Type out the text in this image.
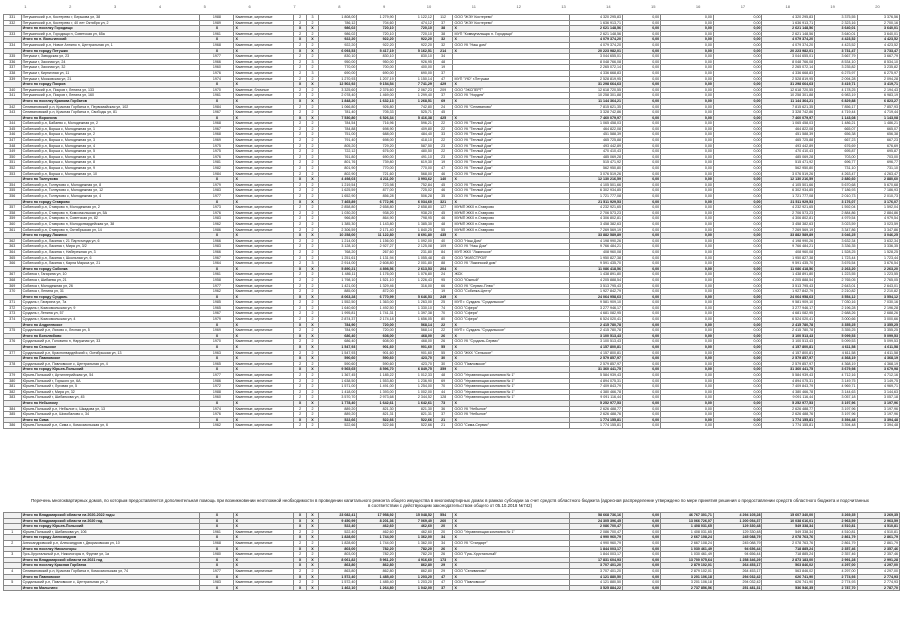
1	2	3	4	5	6	7	8	9	10	11	12	13	14	15	16	17	18	19	20
331	Петушинский р-н, Костерево г, Бершова ул, 38	1988	Каменные, кирпичные	2	3	1 808,00	1 279,90	1 122,12	112	ООО "ЖЭУ Костерево"	4 320 295,83	0,00	0,00	0,00	4 320 295,83	3 375,55	3 376,56
332	Петушинский р-н, Костерево г, 40 лет Октября ул, 2	1989	Каменные, кирпичные	2	2	786,12	704,60	474,12	37	ООО "ЖЭУ Костерево"	1 636 913,71	0,00	0,00	0,00	1 636 913,71	2 323,16	2 700,16
	Итого по поселку Городищи	Х	Х	Х	Х	986,02	720,10	720,10	38	Х	2 621 148,56	0,00	0,00	0,00	2 621 148,56	3 640,01	3 640,01
333	Петушинский р-н, Городищи п, Советская ул, 65а	1961	Каменные, кирпичные	2	2	986,02	720,10	720,10	38	МУП "Коммунальщик п. Городищи"	2 621 148,56	0,00	0,00	0,00	2 621 148,56	3 640,01	3 640,01
	Итого по п. Вольгинский	Х	Х	Х	Х	922,20	922,20	922,20	32	Х	4 079 374,20	0,00	0,00	0,00	4 079 374,20	4 423,52	4 423,52
334	Петушинский р-н, Новое Аннино п, Центральная ул, 1	1968	Каменные, кирпичные	2	2	922,20	922,20	922,20	32	ООО УК "Наш дом"	4 079 374,20	0,00	0,00	0,00	4 079 374,20	4 423,52	4 423,52
	Итого по городу Петушки	Х	Х	Х	Х	6 093,53	5 417,19	5 162,51	214	Х	20 223 982,01	0,00	0,00	0,00	20 223 982,01	3 731,47	3 733,47
335	Петушки г, Заводская ул, 23	1977	Каменные, кирпичные	2	2	830,10	830,10	830,10	34		3 044 655,01	0,00	0,00	0,00	3 044 655,01	3 667,79	3 667,79
336	Петушки г, Заозная ул, 24	1966	Каменные, кирпичные	2	3	950,00	950,00	926,95	48		8 048 766,08	0,00	0,00	0,00	8 048 766,08	8 534,10	8 534,10
337	Петушки г, Заозная ул, 32	1960	Каменные, кирпичные	2	2	770,00	700,00	400,00	19		2 265 072,14	0,00	0,00	0,00	2 265 072,14	3 235,82	3 235,82
338	Петушки г, Кирпичная ул, 11	1976	Каменные, кирпичные	2	3	690,00	690,00	690,00	37		4 336 668,83	0,00	0,00	0,00	4 336 668,83	6 275,97	6 275,97
339	Петушки г, Московская ул, 21	1974	Каменные, кирпичные	2	2	1 270,93	1 207,19	1 150,14	47	МУП "УЮ" г.Петушки	2 528 819,95	0,00	0,00	0,00	2 528 819,95	2 094,28	2 094,28
	Итого по городу Покров	Х	Х	Х	Х	12 502,92	9 154,54	7 741,29	429	Х	31 298 664,63	0,00	0,00	0,00	31 298 664,63	3 419,71	3 419,71
340	Петушинский р-н, Покров г, Ленина ул, 133	1970	Каменные, блочные	2	2	3 325,60	2 376,60	2 067,23	209	ООО "ЭКСПЕРТ"	12 618 720,55	0,00	0,00	0,00	12 618 720,55	4 178,25	2 194,43
341	Петушинский р-н, Покров г, Ленина ул, 160	1961	Каменные, кирпичные	2	2	2 078,40	1 469,00	1 299,40	37	ООО УК "Нордев"	10 258 301,88	0,00	0,00	0,00	10 258 301,88	6 983,19	6 983,19
	Итого по поселку Кранова Горбатов	Х	Х	Х	Х	1 848,20	1 632,13	1 268,51	69	Х	11 144 364,21	0,00	0,00	0,00	11 144 364,21	6 829,88	6 823,27
342	Селивановский р-н, Красная Горбатка п, Первомайская ул, 102	1984	Каменные, кирпичные	2	2	1 066,80	926,80	742,80	24	ООО УК "Селиваново"	7 815 621,35	0,00	0,00	0,00	7 815 621,35	7 856,17	7 857,93
343	Селивановский р-н, Красная Горбатка п, Свободы ул, 81	1967	Каменные, кирпичные	2	2	781,40	705,33	525,71	45		3 328 742,86	0,00	0,00	0,00	3 328 742,86	4 719,44	4 719,44
	Итого по Воронина	Х	Х	Х	Х	7 530,80	6 526,34	5 416,38	425	Х	7 460 079,97	0,00	0,00	0,00	7 460 079,97	1 143,08	1 143,08
344	Собинский р-н, Бабаево с, Молодежная ул, 2	1968	Каменные, кирпичные	2	2	784,54	716,96	596,21	22	ООО УК "Теплый Дом"	1 065 458,03	0,00	0,00	0,00	1 065 458,03	1 486,21	1 486,21
345	Собинский р-н, Ворша с, Молодежная ул, 1	1967	Каменные, кирпичные	2	2	784,88	698,90	409,80	22	ООО УК "Теплый Дом"	464 822,08	0,00	0,00	0,00	464 822,08	665,07	665,07
346	Собинский р-н, Ворша с, Молодежная ул, 2	1968	Каменные, кирпичные	2	2	751,00	688,00	484,40	33	ООО УК "Теплый Дом"	451 588,39	0,00	0,00	0,00	451 588,39	656,38	656,38
347	Собинский р-н, Ворша с, Молодежная ул, 3	1969	Каменные, кирпичные	2	2	791,40	698,00	418,10	22	ООО УК "Теплый Дом"	465 725,88	0,00	0,00	0,00	465 725,88	667,23	667,23
348	Собинский р-н, Ворша с, Молодежная ул, 4	1975	Каменные, кирпичные	2	2	805,20	729,20	587,50	23	ООО УК "Теплый Дом"	493 442,89	0,00	0,00	0,00	493 442,89	676,69	676,69
349	Собинский р-н, Ворша с, Молодежная ул, 5	1975	Каменные, кирпичные	2	2	722,12	676,00	480,50	22	ООО УК "Теплый Дом"	470 410,43	0,00	0,00	0,00	470 410,43	695,87	695,87
350	Собинский р-н, Ворша с, Молодежная ул, 6	1976	Каменные, кирпичные	2	2	761,80	690,00	491,10	23	ООО УК "Теплый Дом"	485 069,28	0,00	0,00	0,00	485 069,28	703,00	703,00
351	Собинский р-н, Ворша с, Молодежная ул, 8	1981	Каменные, кирпичные	2	2	801,76	739,80	619,30	19	ООО УК "Теплый Дом"	515 471,92	0,00	0,00	0,00	515 471,92	696,77	696,77
352	Собинский р-н, Ворша с, Молодежная ул, 9	1982	Каменные, кирпичные	2	2	801,90	770,00	770,00	47	ООО УК "Теплый Дом"	562 950,80	0,00	0,00	0,00	562 950,80	731,10	731,10
353	Собинский р-н, Ворша с, Молодежная ул, 10	1984	Каменные, кирпичные	2	2	802,90	721,60	568,00	46	ООО УК "Теплый Дом"	3 076 519,26	0,00	0,00	0,00	3 076 519,26	4 263,47	4 263,47
	Итого по Толпухово	Х	Х	Х	Х	4 498,03	4 211,00	3 993,62	140	Х	12 130 216,59	0,00	0,00	0,00	12 130 216,59	2 880,60	2 880,60
354	Собинский р-н, Толпухово с, Молодежная ул, 8	1979	Каменные, кирпичные	2	2	1 219,54	723,98	752,84	45	ООО УК "Теплый Дом"	4 105 501,66	0,00	0,00	0,00	4 105 501,66	5 670,68	5 670,68
355	Собинский р-н, Толпухово с, Молодежная ул, 12	1983	Каменные, кирпичные	2	2	1 625,59	877,00	725,02	46	ООО УК "Теплый Дом"	6 302 934,85	0,00	0,00	0,00	6 302 934,85	7 186,93	7 186,93
356	Собинский р-н, Толпухово с, Молодежная ул, 4	1977	Каменные, кирпичные	2	2	1 652,90	856,28	506,28	35	ООО УК "Теплый Дом"	1 721 777,08	0,00	0,00	0,00	1 721 777,08	2 010,73	2 010,73
	Итого по городу Ставрово	Х	Х	Х	Х	7 465,89	6 772,96	6 034,60	321	Х	21 511 929,53	0,00	0,00	0,00	21 511 929,53	3 176,07	3 176,07
357	Собинский р-н, Ставрово п, Молодежная ул, 2	1973	Каменные, кирпичные	2	2	2 858,80	2 658,80	2 658,80	127	МУМП ЖКХ п.Ставрово	4 232 921,65	0,00	0,00	0,00	4 232 921,65	1 592,04	1 592,04
358	Собинский р-н, Ставрово п, Комсомольская ул, 5А	1976	Каменные, кирпичные	2	2	1 030,20	938,20	938,20	45	МУМП ЖКХ п.Ставрово	2 706 573,23	0,00	0,00	0,00	2 706 573,23	2 884,86	2 884,86
359	Собинский р-н, Ставрово п, Советская ул, 82	1983	Каменные, кирпичные	2	2	966,80	864,90	798,95	46	МУМП ЖКХ п.Ставрово	4 306 802,81	0,00	0,00	0,00	4 306 802,81	4 979,54	4 979,54
360	Собинский р-н, Ставрово п, Молодогвардейская ул, 38	1962	Каменные, кирпичные	2	2	1 385,30	1 143,80	1 385,30	48	МУМП ЖКХ п.Ставрово	3 458 382,63	0,00	0,00	0,00	3 458 382,63	3 023,59	3 023,59
361	Собинский р-н, Ставрово п, Октябрьская ул, 14	1986	Каменные, кирпичные	2	2	2 306,59	2 171,40	1 840,25	55	МУМП ЖКХ п.Ставрово	7 269 569,19	0,00	0,00	0,00	7 269 569,19	3 347,86	3 347,86
	Итого по городу Лакинск	Х	Х	Х	Х	10 258,00	11 122,80	8 691,80	435	Х	33 882 589,89	0,00	0,00	0,00	33 882 589,89	3 046,25	3 046,25
362	Собинский р-н, Лакинск г, 21 Партсъезда ул, 6	1966	Каменные, кирпичные	2	2	1 214,00	1 156,00	1 092,00	40	ООО "Наш Дом"	4 198 990,26	0,00	0,00	0,00	4 198 990,26	3 632,34	3 632,34
363	Собинский р-н, Лакинск г, Мира ул, 3/2	1983	Каменные, кирпичные	2	2	3 128,10	2 927,27	2 125,08	109	ООО УК "Наш Дом"	9 766 484,21	0,00	0,00	0,00	9 766 484,21	3 336,35	3 336,35
364	Собинский р-н, Лакинск г, Набережная ул, 3	1966	Каменные, кирпичные	2	2	768,20	267,60	231,80	84	МУП ЖКХ "Лакинское"	408 960,08	0,00	0,00	0,00	408 960,08	1 528,25	1 528,25
365	Собинский р-н, Лакинск г, Школьная ул, 6	1967	Каменные, кирпичные	2	2	1 251,61	1 131,94	1 055,48	45	ООО "ЖИЛСТРОЙ"	1 950 827,38	0,00	0,00	0,00	1 950 827,38	1 723,44	1 723,44
366	Собинский р-н, Лакинск г, Карла Маркса ул, 21	1964	Каменные, кирпичные	2	3	2 914,00	2 608,80	2 001,80	88	ООО УК "Лакинский дом"	9 591 435,70	0,00	0,00	0,00	9 591 435,70	3 676,54	3 676,54
	Итого по городу Собинка	Х	Х	Х	Х	5 890,21	4 898,56	2 613,53	204	Х	11 086 418,56	0,00	0,00	0,00	11 086 418,56	2 263,20	2 263,20
367	Собинка г, Гагарина ул, 10	1961	Каменные, кирпичные	2	2	1 486,11	1 176,00	1 076,80	24	ЖСК	1 438 891,80	0,00	0,00	0,00	1 438 891,80	1 223,55	1 223,55
368	Собинка г, Шибаева ул, 21	1958	Каменные, кирпичные	2	2	1 798,10	1 521,10	1 226,43	95	ООО "Южный"	4 205 888,54	0,00	0,00	0,00	4 205 888,54	2 765,05	2 765,05
369	Собинка г, Молодежная ул, 26	1977	Каменные, кирпичные	2	2	1 421,00	1 329,46	316,00	66	ООО УК "Сервис-Плюс"	3 513 795,43	0,00	0,00	0,00	3 513 795,43	2 643,01	2 643,01
370	Собинка г, Ленина ул, 31	1962	Каменные, кирпичные	2	2	885,00	872,00	-	19	ООО "Собинка-Центр"	1 927 842,79	0,00	0,00	0,00	1 927 842,79	2 210,82	2 210,82
	Итого по городу Суздаль	Х	Х	Х	Х	8 063,28	6 770,99	5 646,53	249	Х	24 064 958,63	0,00	0,00	0,00	24 064 958,63	3 554,12	3 554,12
371	Суздаль г, Гагарина ул, 7а	1985	Каменные, кирпичные	2	2	1 552,50	1 363,00	1 263,00	25	МУП г. Суздаль "Суздальское"	9 581 909,10	0,00	0,00	0,00	9 581 909,10	7 030,16	7 030,16
372	Суздаль г, Комсомольская ул, 9	1965	Каменные, кирпичные	2	2	1 640,60	1 492,50	1 330,10	74	ООО "Сфера"	3 277 946,17	0,00	0,00	0,00	3 277 946,17	2 196,28	2 196,28
373	Суздаль г, Ленина ул, 57	1967	Каменные, кирпичные	2	2	1 995,81	1 741,31	1 397,38	70	ООО "Сфера"	4 681 082,95	0,00	0,00	0,00	4 681 082,95	2 688,26	2 688,26
374	Суздаль г, Комсомольская ул, 4	1979	Каменные, кирпичные	2	2	2 874,37	2 174,18	1 656,05	80	ООО "Сфера"	6 524 020,41	0,00	0,00	0,00	6 524 020,41	3 000,66	3 000,66
	Итого по Андреевское	Х	Х	Х	Х	784,90	720,00	568,14	22	Х	2 415 780,78	0,00	0,00	0,00	2 415 780,78	3 355,25	3 355,25
375	Суздальский р-н, Ляхово с, Лесная ул, 5	1969	Каменные, кирпичные	2	2	784,90	720,00	568,14	22	МУП г. Суздаль "Суздальское"	2 415 780,78	0,00	0,00	0,00	2 415 780,78	3 355,25	3 355,25
	Итого по Боголюбово	Х	Х	Х	Х	686,40	608,00	468,00	26	Х	3 100 513,43	0,00	0,00	0,00	3 100 513,43	5 099,53	5 099,53
376	Суздальский р-н, Головино п, Наружная ул, 33	1970	Каменные, кирпичные	2	2	686,40	608,00	468,00	26	ООО УК "Суздаль-Сервис"	3 100 513,43	0,00	0,00	0,00	3 100 513,43	5 099,53	5 099,53
	Итого по Сельское	Х	Х	Х	Х	1 547,93	901,60	901,60	55	Х	4 157 800,81	0,00	0,00	0,00	4 157 800,81	4 611,58	4 611,58
377	Суздальский р-н, Красногвардейский с, Октябрьская ул, 13	1963	Каменные, кирпичные	2	2	1 547,93	901,60	901,60	55	ООО "ЖКХ "Сельское"	4 157 800,81	0,00	0,00	0,00	4 157 800,81	4 611,58	4 611,58
	Итого по Павловское	Х	Х	Х	Х	590,60	590,60	423,70	30	Х	2 579 857,97	0,00	0,00	0,00	2 579 857,97	4 368,19	4 368,19
378	Суздальский р-н, Павловское с, Центральная ул, 4	1965	Каменные, кирпичные	2	2	590,60	590,60	423,70	30	ООО "Павловское"	2 579 857,97	0,00	0,00	0,00	2 579 857,97	4 368,19	4 368,19
	Итого по городу Юрьев-Польский	Х	Х	Х	Х	9 565,65	8 596,70	6 849,75	359	Х	31 360 441,75	0,00	0,00	0,00	31 360 441,75	3 679,98	3 679,98
379	Юрьев-Польский г, Артиллерийская ул, 54	1977	Каменные, кирпичные	2	2	1 367,45	1 185,22	1 012,33	48	ООО "Управляющая компания № 1"	5 584 939,43	0,00	0,00	0,00	5 584 939,43	4 712,16	4 712,16
380	Юрьев-Польский г, Горького ул, 6А	1986	Каменные, кирпичные	2	2	1 638,50	1 553,80	1 236,90	69	ООО "Управляющая компания № 1"	4 894 075,31	0,00	0,00	0,00	4 894 075,31	3 149,75	3 149,75
381	Юрьев-Польский г, Луговая ул, 5	1972	Каменные, кирпичные	2	2	1 571,00	1 491,00	1 254,00	70	ООО "Управляющая компания № 1"	7 409 843,79	0,00	0,00	0,00	7 409 843,79	4 969,71	4 969,71
382	Юрьев-Польский г, Мира ул, 32	1988	Каменные, кирпичные	2	2	1 418,00	1 393,00	1 002,00	44	ООО "Управляющая компания № 1"	4 380 466,78	0,00	0,00	0,00	4 380 466,78	3 144,63	3 144,63
383	Юрьев-Польский г, Шибанкова ул, 45	1960	Каменные, кирпичные	2	2	3 570,70	2 973,68	2 344,52	128	ООО "Управляющая компания № 1"	9 091 116,44	0,00	0,00	0,00	9 091 116,44	3 057,18	3 057,18
	Итого по Небылому	Х	Х	Х	Х	1 778,40	1 642,61	1 642,61	73	Х	5 252 977,53	0,00	0,00	0,00	5 252 977,53	3 197,96	3 197,96
384	Юрьев-Польский р-н, Небылое с, Шкадова ул, 13	1974	Каменные, кирпичные	2	2	889,20	821,30	821,30	36	ООО УК "Небылое"	2 626 488,77	0,00	0,00	0,00	2 626 488,77	3 197,96	3 197,96
385	Юрьев-Польский р-н, Шихобалово с, 34	1976	Каменные, кирпичные	2	2	889,20	821,31	821,31	37	ООО УК "Небылое"	2 626 488,76	0,00	0,00	0,00	2 626 488,76	3 197,96	3 197,96
	Итого по Сима	Х	Х	Х	Х	522,66	522,66	522,66	21	Х	1 774 155,81	0,00	0,00	0,00	1 774 155,81	3 394,48	3 394,48
386	Юрьев-Польский р-н, Сима с, Комсомольская ул, 6	1962	Каменные, кирпичные	2	2	522,66	522,66	522,66	21	ООО "Сима-Сервис"	1 774 155,81	0,00	0,00	0,00	1 774 155,81	3 394,48	3 394,48
Перечень многоквартирных домов, по которым предоставляется дополнительная помощь при возникновении неотложной необходимости в проведении капитального ремонта общего имущества в многоквартирных домах в рамках субсидии за счет средств областного бюджета (адресная распределение утверждено по мере принятия решения о предоставлении средств областного бюджета и подсчитанных в соответствии с действующим законодательством общего от 05.10.2018 №742)
	Итого по Владимирской области на 2020-2022 годы	Х	Х	Х	Х	23 082,41	17 958,92	15 048,52	554	Х	58 668 736,16	0,00	46 767 301,71	4 294 105,28	15 607 340,00	3 269,35	3 269,35
	Итого по Владимирской области на 2020 год	Х	Х	Х	Х	9 450,99	8 201,36	7 069,40	260	Х	24 305 396,45	0,00	13 066 726,07	1 200 054,37	10 038 616,01	2 963,59	2 963,59
	Итого по городу Юрьев-Польский	Х	Х	Х	Х	522,40	462,60	462,60	20	Х	2 086 700,47	0,00	1 408 031,65	129 330,48	549 338,34	4 510,81	4 510,81
1	Юрьев-Польский г, Шибанкова ул, 106	1961	Каменные, кирпичные	2	2	522,40	462,60	462,60	20	ООО "Управляющая компания № 1"	2 086 700,47	0,00	1 408 031,65	129 330,48	549 338,34	4 510,81	4 510,81
	Итого по городу Александров	Х	Х	Х	Х	1 828,60	1 744,00	1 362,00	34	Х	4 990 960,79	0,00	2 667 108,24	245 088,79	2 078 763,76	2 861,79	2 861,79
2	Александровский р-н, Александров г, Двориковская ул, 10	1968	Каменные, кирпичные	2	2	1 828,60	1 744,00	1 362,00	34	ООО УК "Стандарт"	4 990 960,79	0,00	2 667 108,24	245 088,79	2 078 763,76	2 861,79	2 861,79
	Итого по поселку Никологоры	Х	Х	Х	Х	803,00	782,20	782,20	26	Х	1 844 003,17	0,00	1 030 461,49	94 656,44	718 885,24	2 357,46	2 357,46
3	Гусь-Хрустальный р-н, Никологоры п, Фрунзе ул, 1а	1980	Каменные, кирпичные	2	2	803,00	782,20	782,20	26	ООО "Гусь-Хрустальный"	1 844 003,17	0,00	1 030 461,49	94 656,44	718 885,24	2 357,46	2 357,46
	Итого по Владимирской области на 2021 год	Х	Х	Х	Х	8 061,82	5 961,20	4 916,60	173	Х	17 831 604,93	0,00	13 700 075,64	1 258 346,29	2 873 183,00	2 991,28	2 991,28
	Итого по поселку Красная Горбатка	Х	Х	Х	Х	863,80	862,80	862,80	29	Х	3 707 401,20	0,00	2 879 102,01	264 453,17	563 846,02	4 297,00	4 297,00
4	Селивановский р-н, Красная Горбатка п, Комсомольская ул, 74	1977	Каменные, кирпичные	2	2	863,80	862,80	862,80	29	ООО "Селиваново"	3 707 401,20	0,00	2 879 102,01	264 453,17	563 846,02	4 297,00	4 297,00
	Итого по Павловское	Х	Х	Х	Х	1 572,40	1 485,40	1 203,20	47	Х	4 121 880,50	0,00	3 201 106,18	294 032,42	626 741,90	2 774,93	2 774,93
5	Суздальский р-н, Павловское с, Центральная ул, 2	1983	Каменные, кирпичные	2	2	1 572,40	1 485,40	1 203,20	47	ООО "Павловское"	4 121 880,50	0,00	3 201 106,18	294 032,42	626 741,90	2 774,93	2 774,93
	Итого по Малыгино	Х	Х	Х	Х	1 462,10	1 264,80	1 042,00	37	Х	3 525 884,22	0,00	2 737 856,56	251 481,31	536 546,35	2 787,70	2 787,70
